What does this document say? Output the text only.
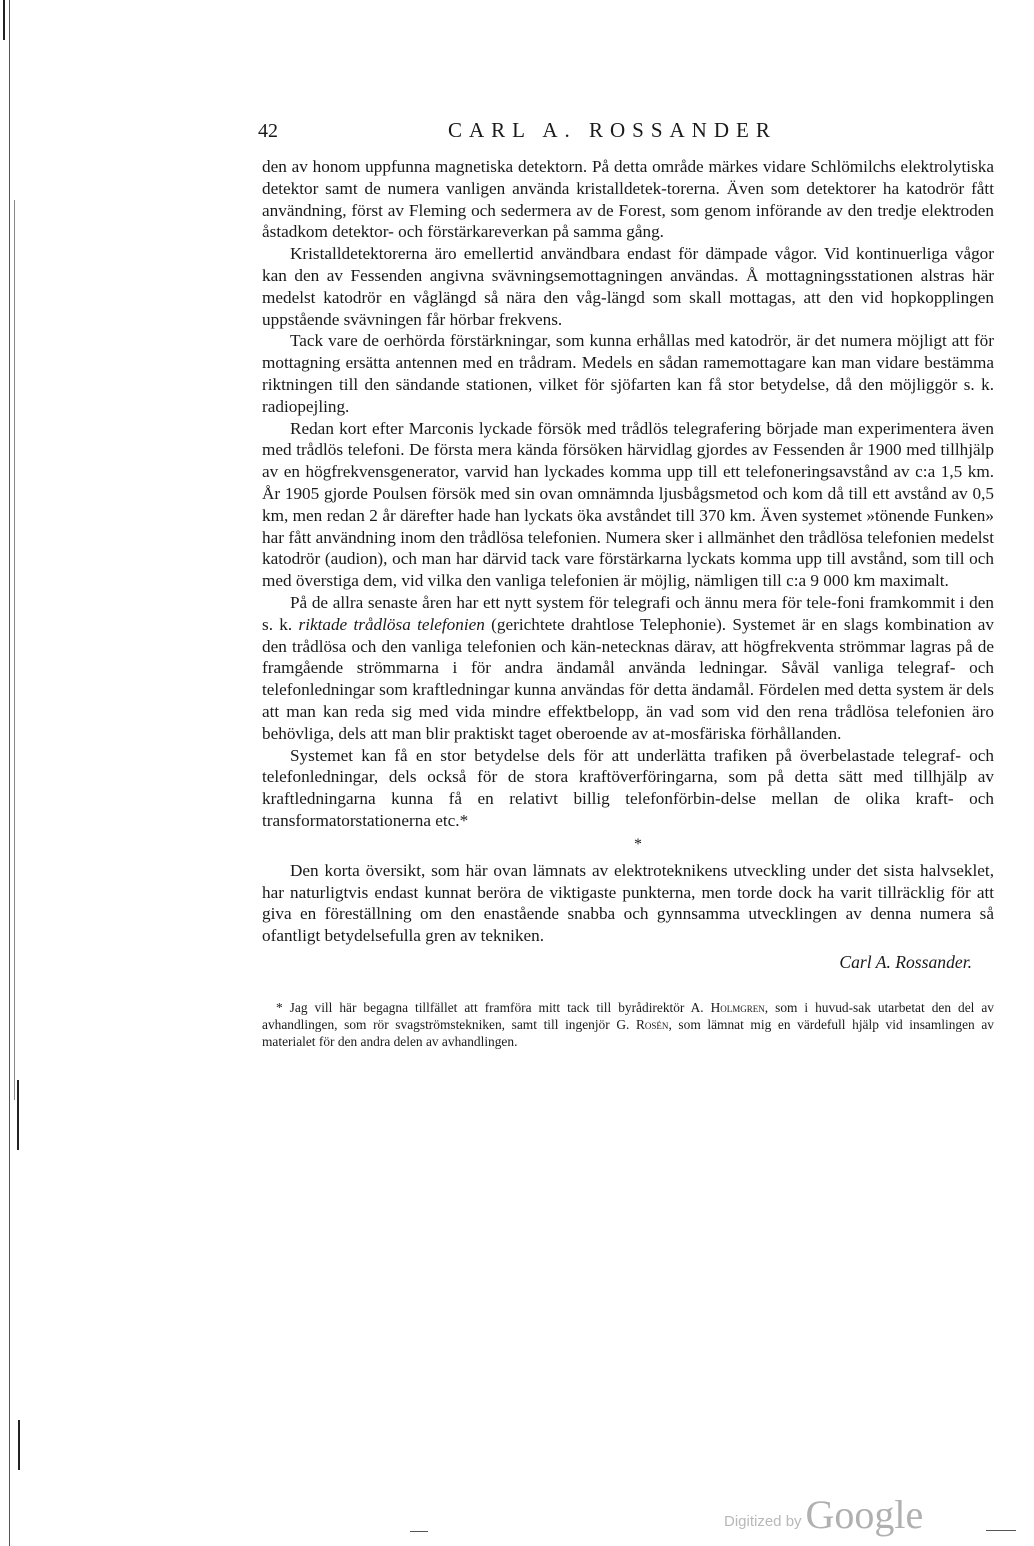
42	CARL A. ROSSANDER

den av honom uppfunna magnetiska detektorn. På detta område märkes vidare Schlömilchs elektrolytiska detektor samt de numera vanligen använda kristalldetek-torerna. Även som detektorer ha katodrör fått användning, först av Fleming och sedermera av de Forest, som genom införande av den tredje elektroden åstadkom detektor- och förstärkareverkan på samma gång.

Kristalldetektorerna äro emellertid användbara endast för dämpade vågor. Vid kontinuerliga vågor kan den av Fessenden angivna svävningsemottagningen användas. Å mottagningsstationen alstras här medelst katodrör en våglängd så nära den våg-längd som skall mottagas, att den vid hopkopplingen uppstående svävningen får hörbar frekvens.

Tack vare de oerhörda förstärkningar, som kunna erhållas med katodrör, är det numera möjligt att för mottagning ersätta antennen med en trådram. Medels en sådan ramemottagare kan man vidare bestämma riktningen till den sändande stationen, vilket för sjöfarten kan få stor betydelse, då den möjliggör s. k. radiopejling.

Redan kort efter Marconis lyckade försök med trådlös telegrafering började man experimentera även med trådlös telefoni. De första mera kända försöken härvidlag gjordes av Fessenden år 1900 med tillhjälp av en högfrekvensgenerator, varvid han lyckades komma upp till ett telefoneringsavstånd av c:a 1,5 km. År 1905 gjorde Poulsen försök med sin ovan omnämnda ljusbågsmetod och kom då till ett avstånd av 0,5 km, men redan 2 år därefter hade han lyckats öka avståndet till 370 km. Även systemet »tönende Funken» har fått användning inom den trådlösa telefonien. Numera sker i allmänhet den trådlösa telefonien medelst katodrör (audion), och man har därvid tack vare förstärkarna lyckats komma upp till avstånd, som till och med överstiga dem, vid vilka den vanliga telefonien är möjlig, nämligen till c:a 9 000 km maximalt.

På de allra senaste åren har ett nytt system för telegrafi och ännu mera för tele-foni framkommit i den s. k. riktade trådlösa telefonien (gerichtete drahtlose Telephonie). Systemet är en slags kombination av den trådlösa och den vanliga telefonien och kän-netecknas därav, att högfrekventa strömmar lagras på de framgående strömmarna i för andra ändamål använda ledningar. Såväl vanliga telegraf- och telefonledningar som kraftledningar kunna användas för detta ändamål. Fördelen med detta system är dels att man kan reda sig med vida mindre effektbelopp, än vad som vid den rena trådlösa telefonien äro behövliga, dels att man blir praktiskt taget oberoende av at-mosfäriska förhållanden.

Systemet kan få en stor betydelse dels för att underlätta trafiken på överbelastade telegraf- och telefonledningar, dels också för de stora kraftöverföringarna, som på detta sätt med tillhjälp av kraftledningarna kunna få en relativt billig telefonförbin-delse mellan de olika kraft- och transformatorstationerna etc.*

*

Den korta översikt, som här ovan lämnats av elektroteknikens utveckling under det sista halvseklet, har naturligtvis endast kunnat beröra de viktigaste punkterna, men torde dock ha varit tillräcklig för att giva en föreställning om den enastående snabba och gynnsamma utvecklingen av denna numera så ofantligt betydelsefulla gren av tekniken.

Carl A. Rossander.

* Jag vill här begagna tillfället att framföra mitt tack till byrådirektör A. Holmgren, som i huvud-sak utarbetat den del av avhandlingen, som rör svagströmstekniken, samt till ingenjör G. Rosén, som lämnat mig en värdefull hjälp vid insamlingen av materialet för den andra delen av avhandlingen.

Digitized by Google
